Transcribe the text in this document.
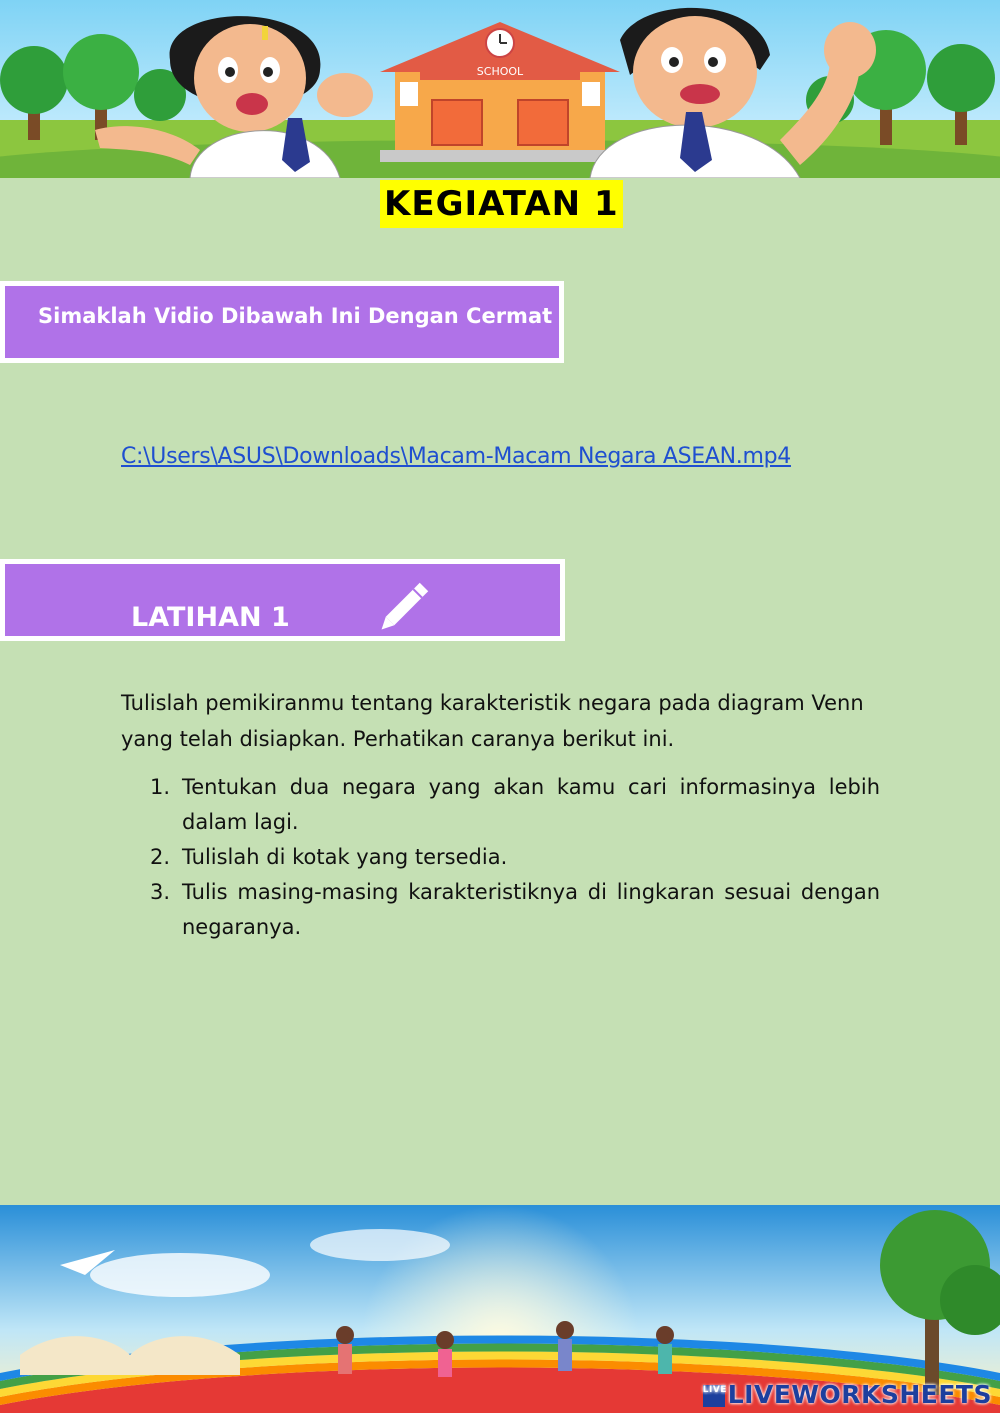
SCHOOL
KEGIATAN 1
Simaklah Vidio Dibawah Ini Dengan Cermat
C:\Users\ASUS\Downloads\Macam-Macam Negara ASEAN.mp4
LATIHAN 1
Tulislah pemikiranmu tentang karakteristik negara pada diagram Venn yang telah disiapkan. Perhatikan caranya berikut ini.
1. Tentukan dua negara yang akan kamu cari informasinya lebih dalam lagi.
2. Tulislah di kotak yang tersedia.
3. Tulis masing-masing karakteristiknya di lingkaran sesuai dengan negaranya.
LIVELIVEWORKSHEETS
